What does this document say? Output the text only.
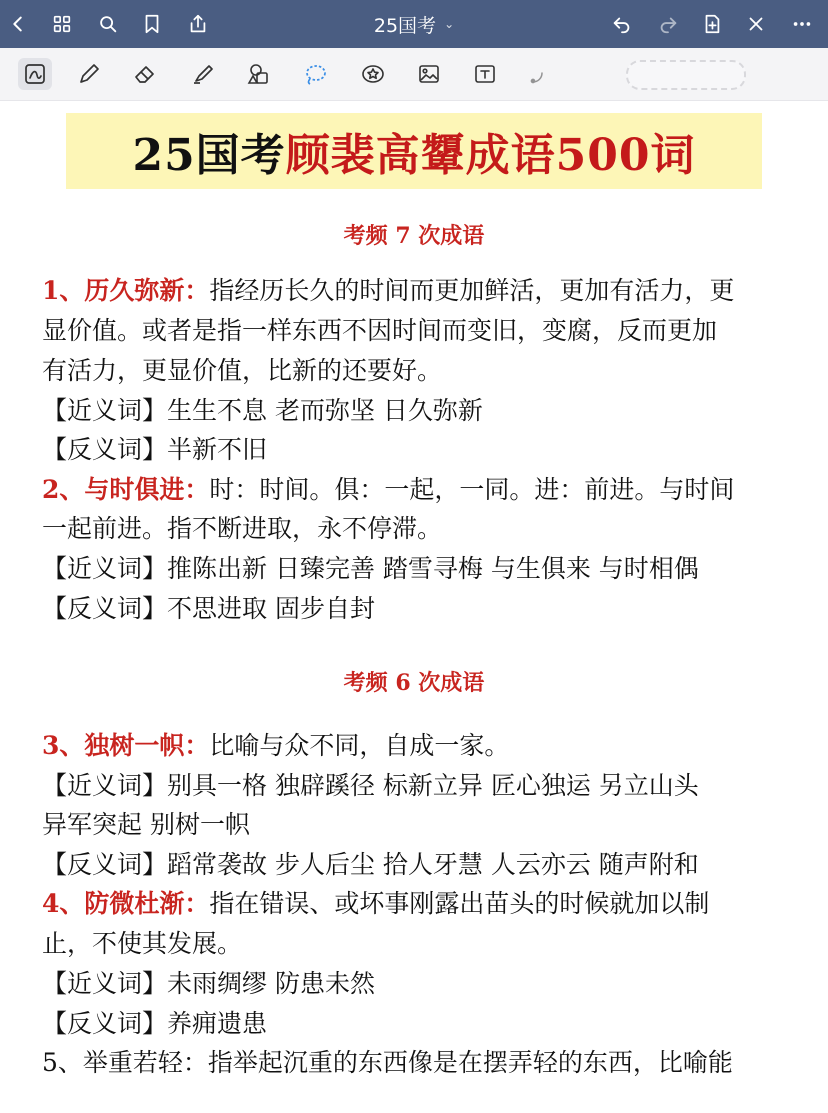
25国考 ⌄
25国考 顾裴高顰成语500词
考频 7 次成语
1、历久弥新：指经历长久的时间而更加鲜活，更加有活力，更
显价值。或者是指一样东西不因时间而变旧，变腐，反而更加
有活力，更显价值，比新的还要好。
【近义词】生生不息 老而弥坚 日久弥新
【反义词】半新不旧
2、与时俱进：时：时间。俱：一起，一同。进：前进。与时间
一起前进。指不断进取，永不停滞。
【近义词】推陈出新 日臻完善 踏雪寻梅 与生俱来 与时相偶
【反义词】不思进取 固步自封
考频 6 次成语
3、独树一帜：比喻与众不同，自成一家。
【近义词】别具一格 独辟蹊径 标新立异 匠心独运 另立山头
异军突起 别树一帜
【反义词】蹈常袭故 步人后尘 拾人牙慧 人云亦云 随声附和
4、防微杜渐：指在错误、或坏事刚露出苗头的时候就加以制
止，不使其发展。
【近义词】未雨绸缪 防患未然
【反义词】养痈遗患
5、举重若轻：指举起沉重的东西像是在摆弄轻的东西，比喻能
